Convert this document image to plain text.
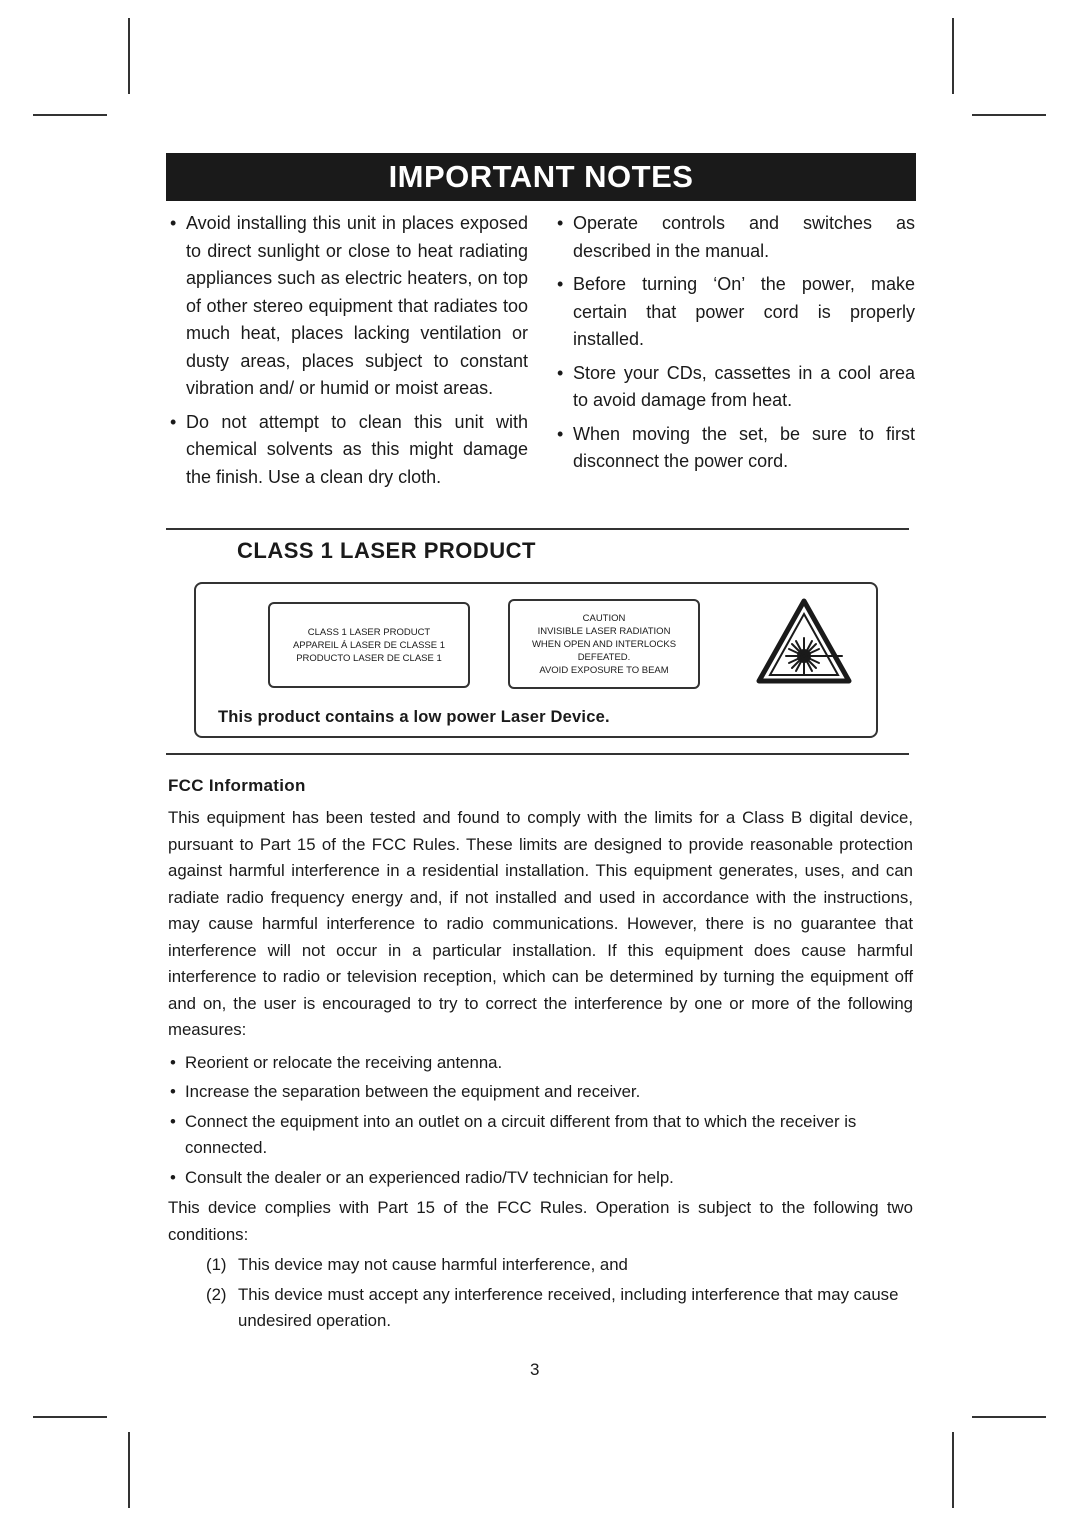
IMPORTANT NOTES
• Avoid installing this unit in places exposed to direct sunlight or close to heat radiating appliances such as electric heaters, on top of other stereo equipment that radiates too much heat, places lacking ventilation or dusty areas, places subject to constant vibration and/ or humid or moist areas.
• Do not attempt to clean this unit with chemical solvents as this might damage the finish. Use a clean dry cloth.
• Operate controls and switches as described in the manual.
• Before turning ‘On’ the power, make certain that power cord is properly installed.
• Store your CDs, cassettes in a cool area to avoid damage from heat.
• When moving the set, be sure to first disconnect the power cord.
CLASS 1 LASER PRODUCT
CLASS 1 LASER PRODUCT
APPAREIL Á LASER DE CLASSE 1
PRODUCTO LASER DE CLASE 1
CAUTION
INVISIBLE LASER RADIATION
WHEN OPEN AND INTERLOCKS
DEFEATED.
AVOID EXPOSURE TO BEAM
This product contains a low power Laser Device.
FCC Information

This equipment has been tested and found to comply with the limits for a Class B digital device, pursuant to Part 15 of the FCC Rules. These limits are designed to provide reasonable protection against harmful interference in a residential installation. This equipment generates, uses, and can radiate radio frequency energy and, if not installed and used in accordance with the instructions, may cause harmful interference to radio communications. However, there is no guarantee that interference will not occur in a particular installation. If this equipment does cause harmful interference to radio or television reception, which can be determined by turning the equipment off and on, the user is encouraged to try to correct the interference by one or more of the following measures:

• Reorient or relocate the receiving antenna.
• Increase the separation between the equipment and receiver.
• Connect the equipment into an outlet on a circuit different from that to which the receiver is connected.
• Consult the dealer or an experienced radio/TV technician for help.

This device complies with Part 15 of the FCC Rules. Operation is subject to the following two conditions:

(1) This device may not cause harmful interference, and
(2) This device must accept any interference received, including interference that may cause undesired operation.
3
